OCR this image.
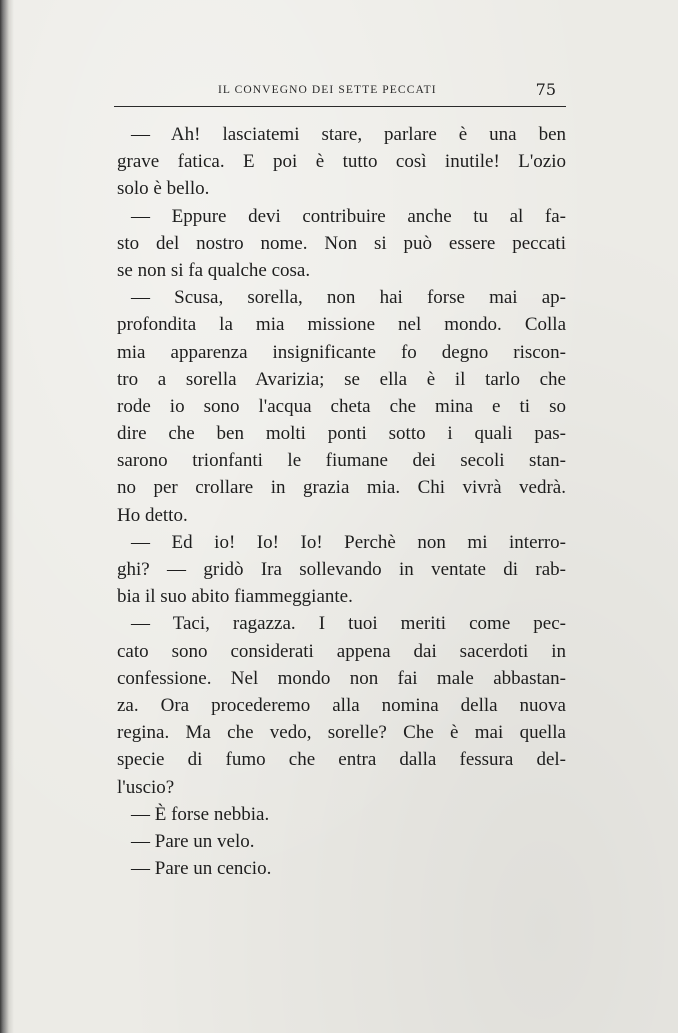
IL CONVEGNO DEI SETTE PECCATI	75
— Ah! lasciatemi stare, parlare è una ben
grave fatica. E poi è tutto così inutile! L'ozio
solo è bello.
— Eppure devi contribuire anche tu al fa-
sto del nostro nome. Non si può essere peccati
se non si fa qualche cosa.
— Scusa, sorella, non hai forse mai ap-
profondita la mia missione nel mondo. Colla
mia apparenza insignificante fo degno riscon-
tro a sorella Avarizia; se ella è il tarlo che
rode io sono l'acqua cheta che mina e ti so
dire che ben molti ponti sotto i quali pas-
sarono trionfanti le fiumane dei secoli stan-
no per crollare in grazia mia. Chi vivrà vedrà.
Ho detto.
— Ed io! Io! Io! Perchè non mi interro-
ghi? — gridò Ira sollevando in ventate di rab-
bia il suo abito fiammeggiante.
— Taci, ragazza. I tuoi meriti come pec-
cato sono considerati appena dai sacerdoti in
confessione. Nel mondo non fai male abbastan-
za. Ora procederemo alla nomina della nuova
regina. Ma che vedo, sorelle? Che è mai quella
specie di fumo che entra dalla fessura del-
l'uscio?
— È forse nebbia.
— Pare un velo.
— Pare un cencio.
